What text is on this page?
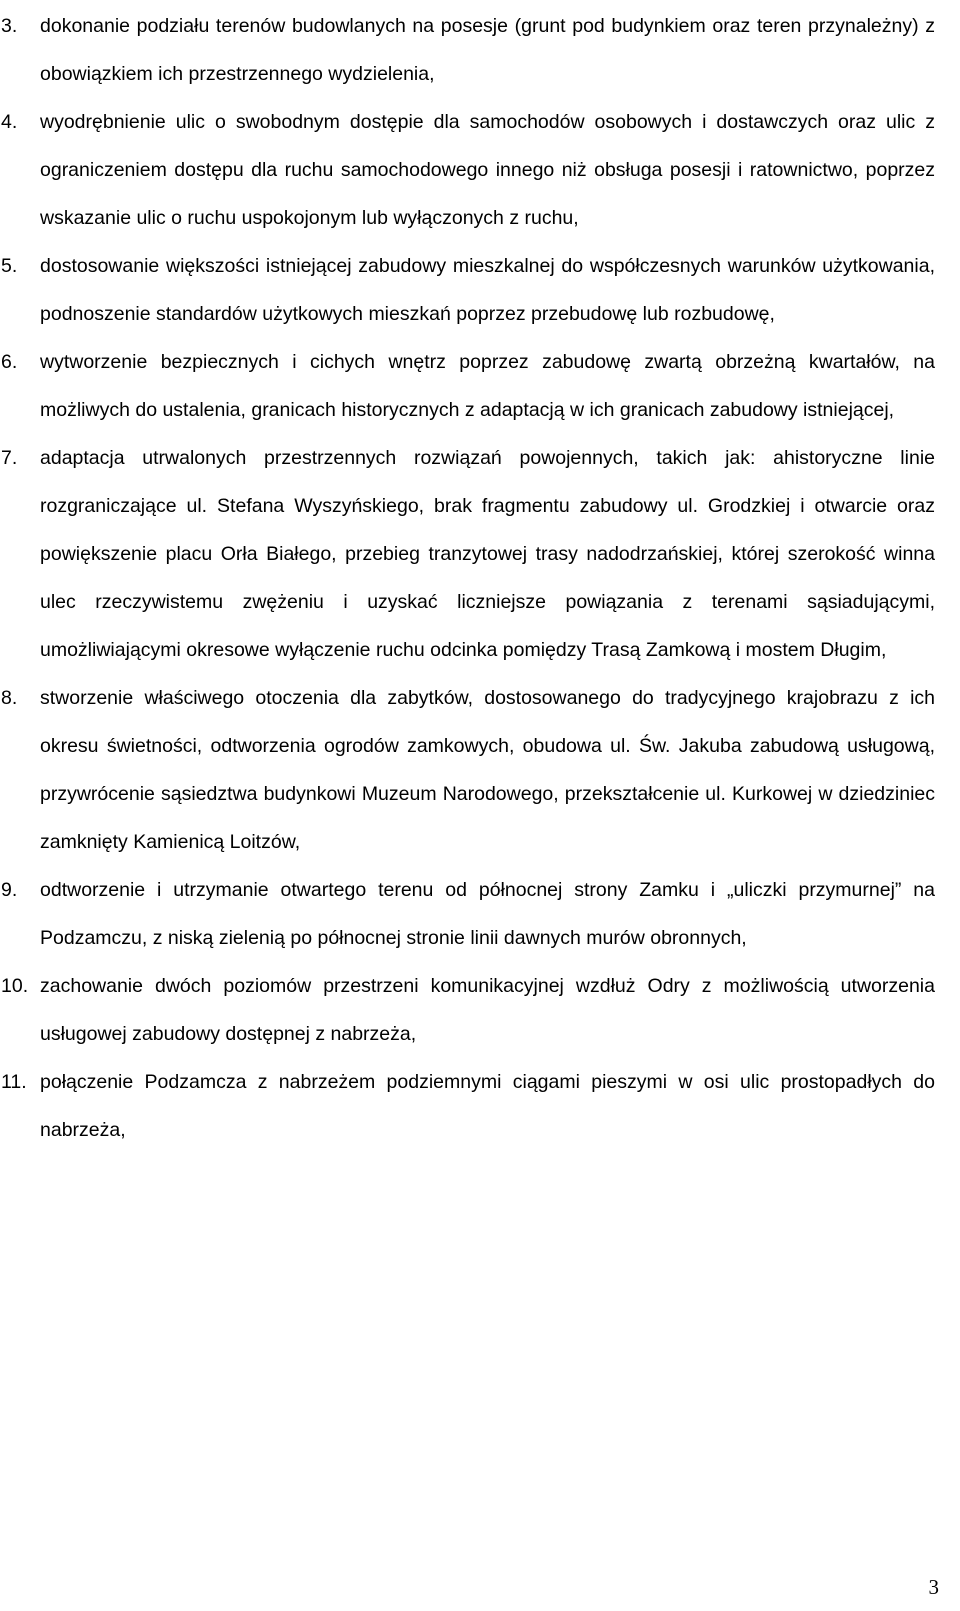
3.	dokonanie podziału terenów budowlanych na posesje (grunt pod budynkiem oraz teren przynależny) z obowiązkiem ich przestrzennego wydzielenia,
4.	wyodrębnienie ulic o swobodnym dostępie dla samochodów osobowych i dostawczych oraz ulic z ograniczeniem dostępu dla ruchu samochodowego innego niż obsługa posesji i ratownictwo, poprzez wskazanie ulic o ruchu uspokojonym lub wyłączonych z ruchu,
5.	dostosowanie większości istniejącej zabudowy mieszkalnej do współczesnych warunków użytkowania, podnoszenie standardów użytkowych mieszkań poprzez przebudowę lub rozbudowę,
6.	wytworzenie bezpiecznych i cichych wnętrz poprzez zabudowę zwartą obrzeżną kwartałów, na możliwych do ustalenia, granicach historycznych z adaptacją w ich granicach zabudowy istniejącej,
7.	adaptacja utrwalonych przestrzennych rozwiązań powojennych, takich jak: ahistoryczne linie rozgraniczające ul. Stefana Wyszyńskiego, brak fragmentu zabudowy ul. Grodzkiej i otwarcie oraz powiększenie placu Orła Białego, przebieg tranzytowej trasy nadodrzańskiej, której szerokość winna ulec rzeczywistemu zwężeniu i uzyskać liczniejsze powiązania z terenami sąsiadującymi, umożliwiającymi okresowe wyłączenie ruchu odcinka pomiędzy Trasą Zamkową i mostem Długim,
8.	stworzenie właściwego otoczenia dla zabytków, dostosowanego do tradycyjnego krajobrazu z ich okresu świetności, odtworzenia ogrodów zamkowych, obudowa ul. Św. Jakuba zabudową usługową, przywrócenie sąsiedztwa budynkowi Muzeum Narodowego, przekształcenie ul. Kurkowej w dziedziniec zamknięty Kamienicą Loitzów,
9.	odtworzenie i utrzymanie otwartego terenu od północnej strony Zamku i „uliczki przymurnej” na Podzamczu, z niską zielenią po północnej stronie linii dawnych murów obronnych,
10. zachowanie dwóch poziomów przestrzeni komunikacyjnej wzdłuż Odry z możliwością utworzenia usługowej zabudowy dostępnej z nabrzeża,
11. połączenie Podzamcza z nabrzeżem podziemnymi ciągami pieszymi w osi ulic prostopadłych do nabrzeża,
3
